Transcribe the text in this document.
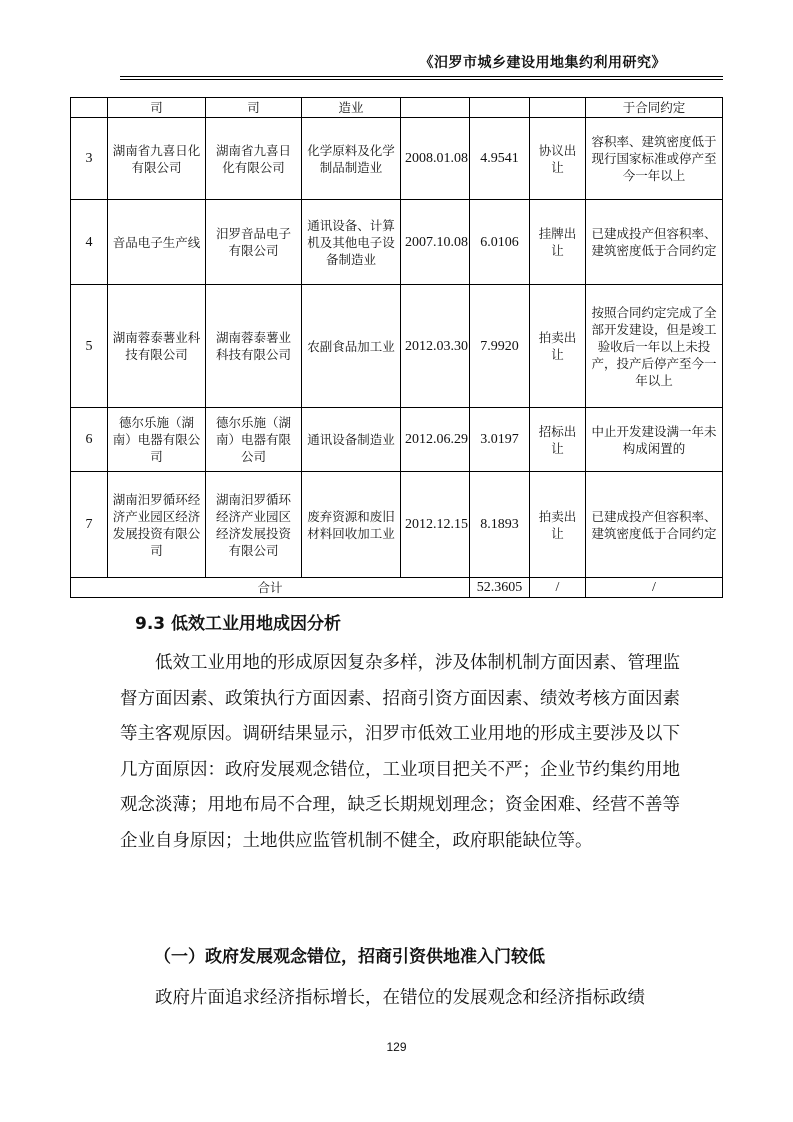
《汨罗市城乡建设用地集约利用研究》
	司	司	造业				于合同约定
3	湖南省九喜日化有限公司	湖南省九喜日化有限公司	化学原料及化学制品制造业	2008.01.08	4.9541	协议出让	容积率、建筑密度低于现行国家标准或停产至今一年以上
4	音品电子生产线	汨罗音品电子有限公司	通讯设备、计算机及其他电子设备制造业	2007.10.08	6.0106	挂牌出让	已建成投产但容积率、建筑密度低于合同约定
5	湖南蓉泰薯业科技有限公司	湖南蓉泰薯业科技有限公司	农副食品加工业	2012.03.30	7.9920	拍卖出让	按照合同约定完成了全部开发建设，但是竣工验收后一年以上未投产，投产后停产至今一年以上
6	德尔乐施（湖南）电器有限公司	德尔乐施（湖南）电器有限公司	通讯设备制造业	2012.06.29	3.0197	招标出让	中止开发建设满一年未构成闲置的
7	湖南汨罗循环经济产业园区经济发展投资有限公司	湖南汨罗循环经济产业园区经济发展投资有限公司	废弃资源和废旧材料回收加工业	2012.12.15	8.1893	拍卖出让	已建成投产但容积率、建筑密度低于合同约定
合计					52.3605	/	/
9.3 低效工业用地成因分析

低效工业用地的形成原因复杂多样，涉及体制机制方面因素、管理监督方面因素、政策执行方面因素、招商引资方面因素、绩效考核方面因素等主客观原因。调研结果显示，汨罗市低效工业用地的形成主要涉及以下几方面原因：政府发展观念错位，工业项目把关不严；企业节约集约用地观念淡薄；用地布局不合理，缺乏长期规划理念；资金困难、经营不善等企业自身原因；土地供应监管机制不健全，政府职能缺位等。

（一）政府发展观念错位，招商引资供地准入门较低

政府片面追求经济指标增长，在错位的发展观念和经济指标政绩

129
